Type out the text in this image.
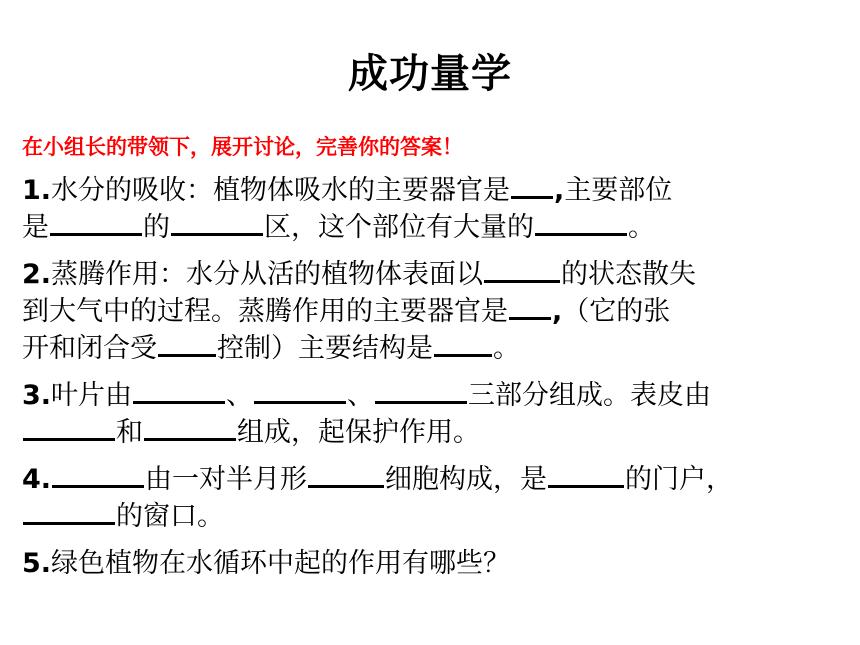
成功量学
在小组长的带领下，展开讨论，完善你的答案！
1.水分的吸收：植物体吸水的主要器官是 ,主要部位
是	的	区，这个部位有大量的	。
2.蒸腾作用：水分从活的植物体表面以	的状态散失
到大气中的过程。蒸腾作用的主要器官是 ,（它的张
开和闭合受 控制）主要结构是 。
3.叶片由	、	、	三部分组成。表皮由
和	组成，起保护作用。
4.	由一对半月形	细胞构成，是	的门户，
的窗口。
5.绿色植物在水循环中起的作用有哪些？
